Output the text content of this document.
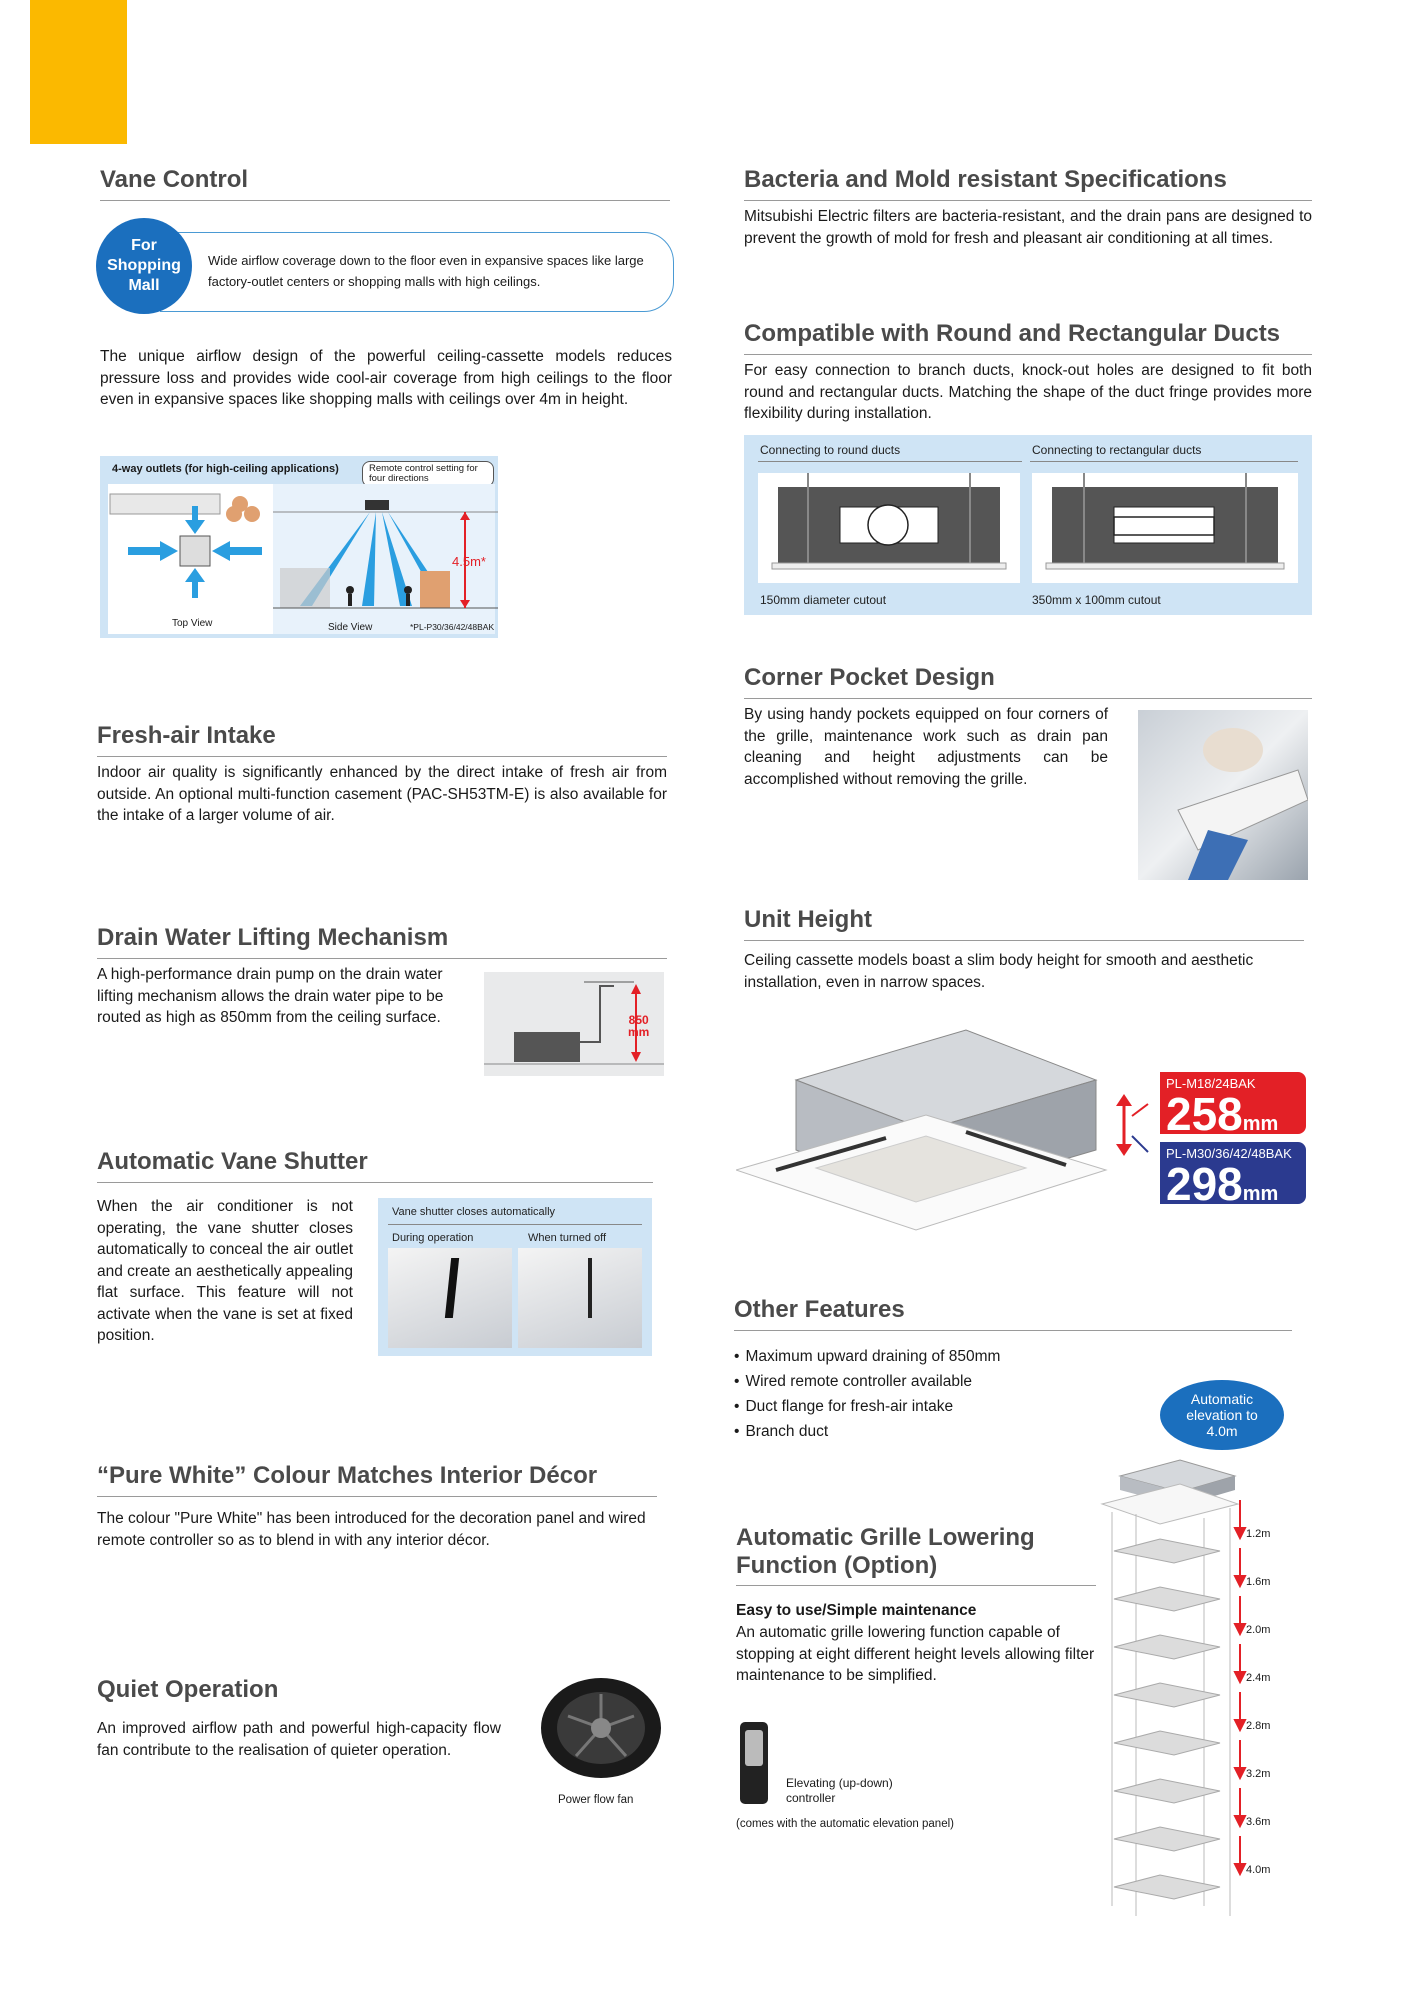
Vane Control
For Shopping Mall

Wide airflow coverage down to the floor even in expansive spaces like large factory-outlet centers or shopping malls with high ceilings.

The unique airflow design of the powerful ceiling-cassette models reduces pressure loss and provides wide cool-air coverage from high ceilings to the floor even in expansive spaces like shopping malls with ceilings over 4m in height.

4-way outlets (for high-ceiling applications)	Remote control setting for four directions
4.5m*
Top View	Side View	*PL-P30/36/42/48BAK
Bacteria and Mold resistant Specifications

Mitsubishi Electric filters are bacteria-resistant, and the drain pans are designed to prevent the growth of mold for fresh and pleasant air conditioning at all times.

Compatible with Round and Rectangular Ducts

For easy connection to branch ducts, knock-out holes are designed to fit both round and rectangular ducts. Matching the shape of the duct fringe provides more flexibility during installation.

Connecting to round ducts	Connecting to rectangular ducts
150mm diameter cutout	350mm x 100mm cutout
Corner Pocket Design

By using handy pockets equipped on four corners of the grille, maintenance work such as drain pan cleaning and height adjustments can be accomplished without removing the grille.

Fresh-air Intake

Indoor air quality is significantly enhanced by the direct intake of fresh air from outside. An optional multi-function casement (PAC-SH53TM-E) is also available for the intake of a larger volume of air.

Unit Height

Ceiling cassette models boast a slim body height for smooth and aesthetic installation, even in narrow spaces.

PL-M18/24BAK
258mm
PL-M30/36/42/48BAK
298mm
Drain Water Lifting Mechanism

A high-performance drain pump on the drain water lifting mechanism allows the drain water pipe to be routed as high as 850mm from the ceiling surface.	850
mm
Automatic Vane Shutter

When the air conditioner is not operating, the vane shutter closes automatically to conceal the air outlet and create an aesthetically appealing flat surface. This feature will not activate when the vane is set at fixed position.

Vane shutter closes automatically
During operation	When turned off
Other Features
• Maximum upward draining of 850mm
• Wired remote controller available
• Duct flange for fresh-air intake
• Branch duct
“Pure White” Colour Matches Interior Décor

The colour "Pure White" has been introduced for the decoration panel and wired remote controller so as to blend in with any interior décor.	Automatic Grille Lowering Function (Option)

Easy to use/Simple maintenance

An automatic grille lowering function capable of stopping at eight different height levels allowing filter maintenance to be simplified.

Elevating (up-down) controller
(comes with the automatic elevation panel)
Automatic elevation to 4.0m
1.2m
1.6m
2.0m
2.4m
2.8m
3.2m
3.6m
4.0m
Quiet Operation

An improved airflow path and powerful high-capacity flow fan contribute to the realisation of quieter operation.

Power flow fan
